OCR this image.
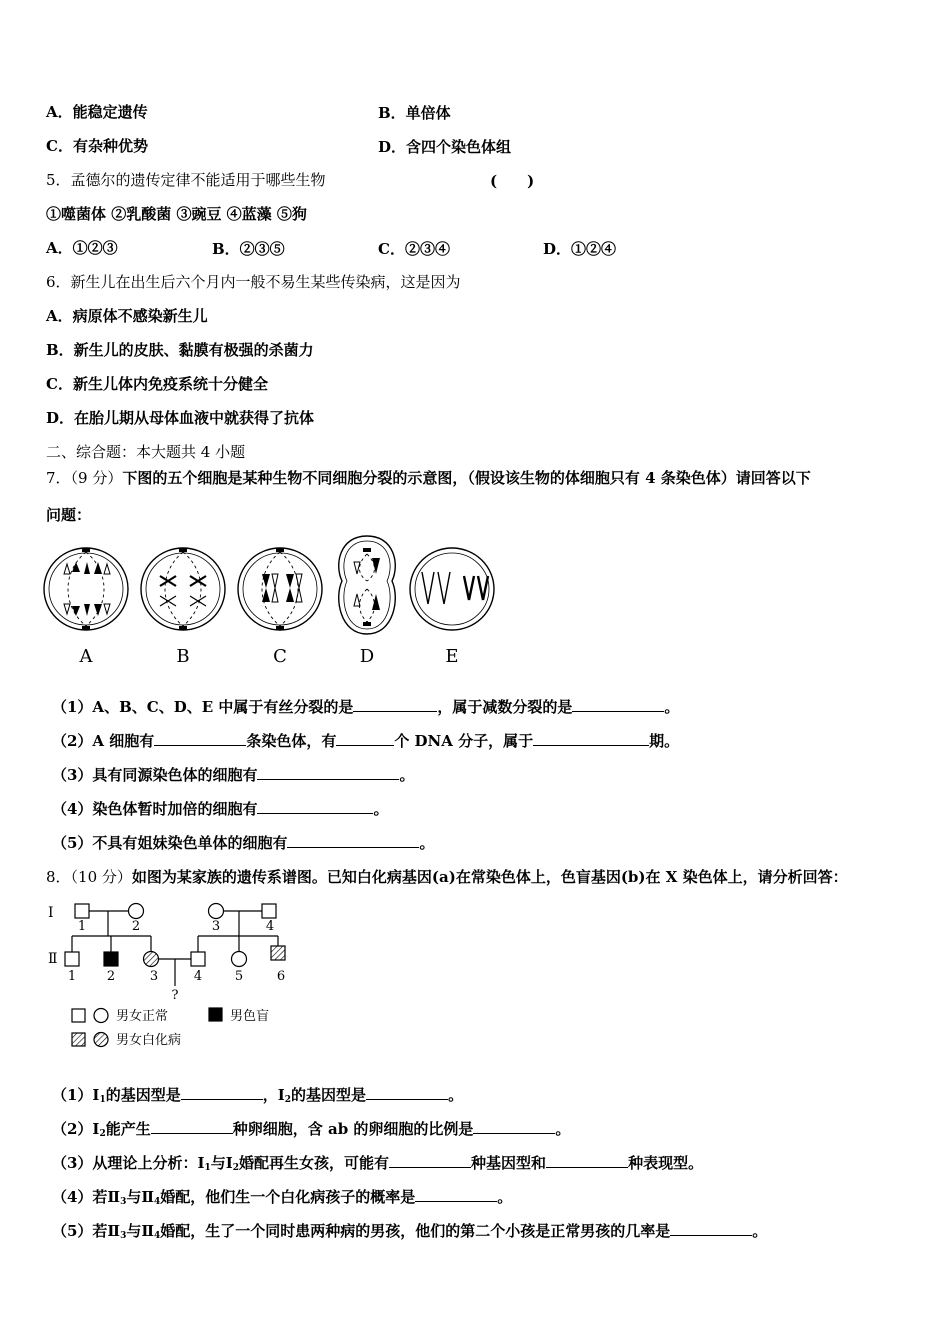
A．能稳定遗传	B．单倍体
C．有杂种优势	D．含四个染色体组
5．孟德尔的遗传定律不能适用于哪些生物	(　　)
①噬菌体 ②乳酸菌 ③豌豆 ④蓝藻 ⑤狗
A．①②③	B．②③⑤	C．②③④	D．①②④
6．新生儿在出生后六个月内一般不易生某些传染病，这是因为
A．病原体不感染新生儿
B．新生儿的皮肤、黏膜有极强的杀菌力
C．新生儿体内免疫系统十分健全
D．在胎儿期从母体血液中就获得了抗体
二、综合题：本大题共 4 小题
7．（9 分）下图的五个细胞是某种生物不同细胞分裂的示意图，（假设该生物的体细胞只有 4 条染色体）请回答以下
问题：
A	B	C	D	E
（1）A、B、C、D、E 中属于有丝分裂的是	，属于减数分裂的是	。
（2）A 细胞有	条染色体，有	个 DNA 分子，属于	期。
（3）具有同源染色体的细胞有	。
（4）染色体暂时加倍的细胞有	。
（5）不具有姐妹染色单体的细胞有	。
8．（10 分）如图为某家族的遗传系谱图。已知白化病基因(a)在常染色体上，色盲基因(b)在 X 染色体上，请分析回答：
Ⅰ
Ⅱ
1	2	3	4
1 2	3	4	5	6
?
男女正常	男色盲
男女白化病
$(1)Ⅰ_1$的基因型是	，$Ⅰ_2$的基因型是	。
$(2)Ⅰ_2$能产生	种卵细胞，含 ab 的卵细胞的比例是	。
（3）从理论上分析：$Ⅰ_1$与$Ⅰ_2$婚配再生女孩，可能有	种基因型和	种表现型。
（4）若$Ⅱ_3$与$Ⅱ_4$婚配，他们生一个白化病孩子的概率是	。
（5）若$Ⅱ_3$与$Ⅱ_4$婚配，生了一个同时患两种病的男孩，他们的第二个小孩是正常男孩的几率是	。
